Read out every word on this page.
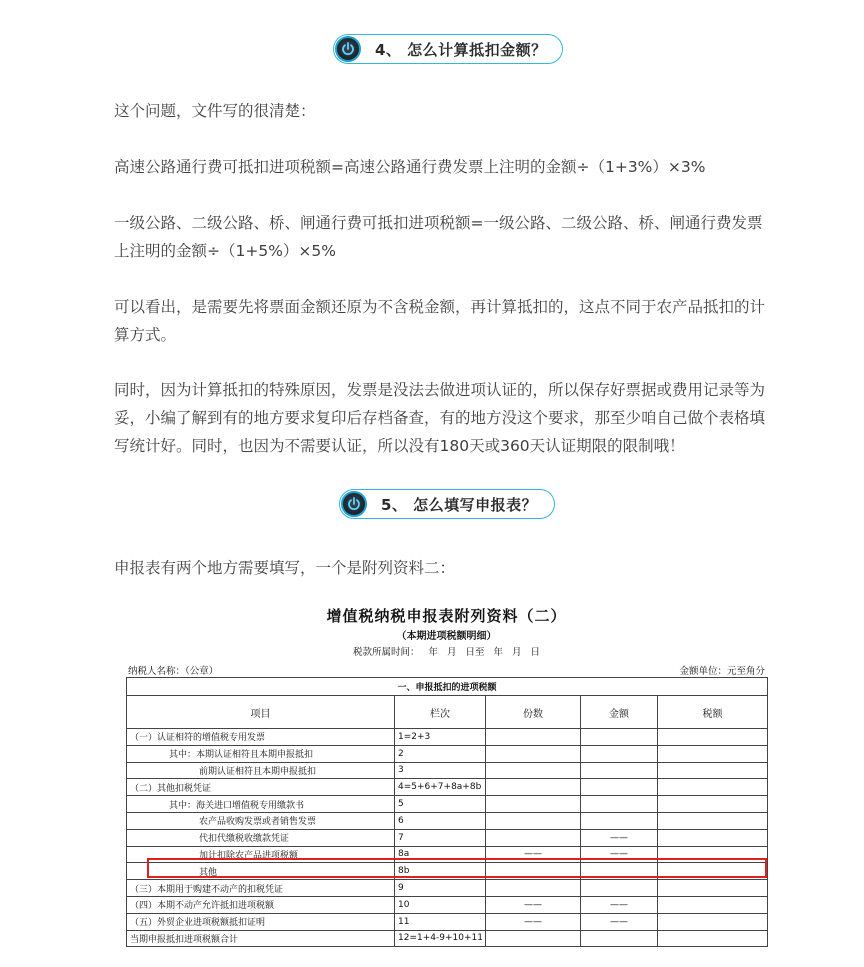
4、 怎么计算抵扣金额？

这个问题，文件写的很清楚：

高速公路通行费可抵扣进项税额=高速公路通行费发票上注明的金额÷（1+3%）×3%

一级公路、二级公路、桥、闸通行费可抵扣进项税额=一级公路、二级公路、桥、闸通行费发票上注明的金额÷（1+5%）×5%

可以看出，是需要先将票面金额还原为不含税金额，再计算抵扣的，这点不同于农产品抵扣的计算方式。

同时，因为计算抵扣的特殊原因，发票是没法去做进项认证的，所以保存好票据或费用记录等为妥，小编了解到有的地方要求复印后存档备查，有的地方没这个要求，那至少咱自己做个表格填写统计好。同时，也因为不需要认证，所以没有180天或360天认证期限的限制哦！

5、 怎么填写申报表？

申报表有两个地方需要填写，一个是附列资料二：

增值税纳税申报表附列资料（二）
（本期进项税额明细）
税款所属时间： 年 月 日至 年 月 日
纳税人名称：（公章）	金额单位：元至角分
一、申报抵扣的进项税额				
项目	栏次	份数	金额	税额
（一）认证相符的增值税专用发票	1=2+3			
其中：本期认证相符且本期申报抵扣	2			
前期认证相符且本期申报抵扣	3			
（二）其他扣税凭证	4=5+6+7+8a+8b			
其中：海关进口增值税专用缴款书	5			
农产品收购发票或者销售发票	6			
代扣代缴税收缴款凭证	7		——	
加计扣除农产品进项税额	8a	——	——	
其他	8b			
（三）本期用于购建不动产的扣税凭证	9			
（四）本期不动产允许抵扣进项税额	10	——	——	
（五）外贸企业进项税额抵扣证明	11	——	——	
当期申报抵扣进项税额合计	12=1+4-9+10+11			
